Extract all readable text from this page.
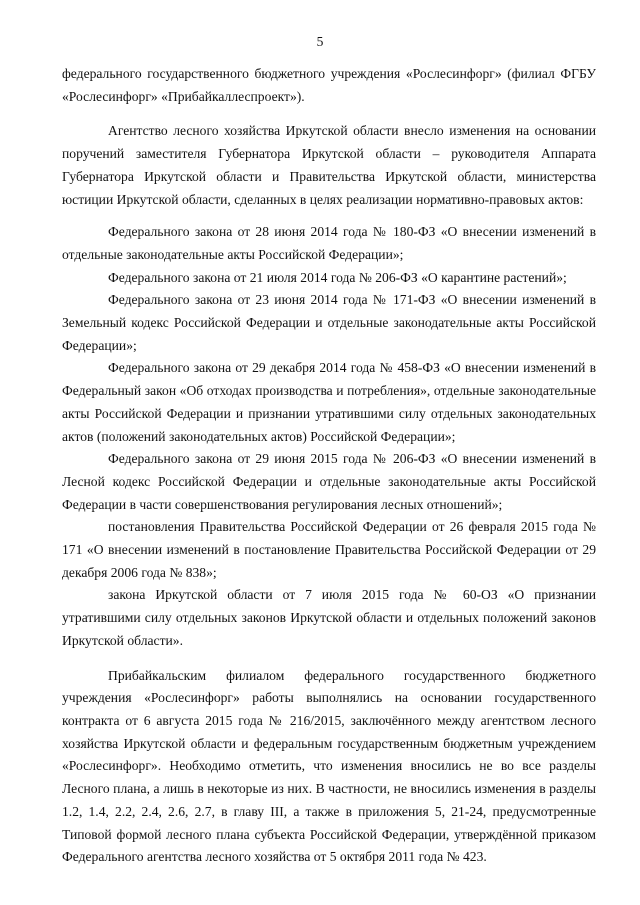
5

федерального государственного бюджетного учреждения «Рослесинфорг» (филиал ФГБУ «Рослесинфорг» «Прибайкаллеспроект»).

Агентство лесного хозяйства Иркутской области внесло изменения на основании поручений заместителя Губернатора Иркутской области – руководителя Аппарата Губернатора Иркутской области и Правительства Иркутской области, министерства юстиции Иркутской области, сделанных в целях реализации нормативно-правовых актов:

Федерального закона от 28 июня 2014 года № 180-ФЗ «О внесении изменений в отдельные законодательные акты Российской Федерации»;

Федерального закона от 21 июля 2014 года № 206-ФЗ «О карантине растений»;

Федерального закона от 23 июня 2014 года № 171-ФЗ «О внесении изменений в Земельный кодекс Российской Федерации и отдельные законодательные акты Российской Федерации»;

Федерального закона от 29 декабря 2014 года № 458-ФЗ «О внесении изменений в Федеральный закон «Об отходах производства и потребления», отдельные законодательные акты Российской Федерации и признании утратившими силу отдельных законодательных актов (положений законодательных актов) Российской Федерации»;

Федерального закона от 29 июня 2015 года № 206-ФЗ «О внесении изменений в Лесной кодекс Российской Федерации и отдельные законодательные акты Российской Федерации в части совершенствования регулирования лесных отношений»;

постановления Правительства Российской Федерации от 26 февраля 2015 года № 171 «О внесении изменений в постановление Правительства Российской Федерации от 29 декабря 2006 года № 838»;

закона Иркутской области от 7 июля 2015 года № 60-ОЗ «О признании утратившими силу отдельных законов Иркутской области и отдельных положений законов Иркутской области».

Прибайкальским филиалом федерального государственного бюджетного учреждения «Рослесинфорг» работы выполнялись на основании государственного контракта от 6 августа 2015 года № 216/2015, заключённого между агентством лесного хозяйства Иркутской области и федеральным государственным бюджетным учреждением «Рослесинфорг». Необходимо отметить, что изменения вносились не во все разделы Лесного плана, а лишь в некоторые из них. В частности, не вносились изменения в разделы 1.2, 1.4, 2.2, 2.4, 2.6, 2.7, в главу III, а также в приложения 5, 21-24, предусмотренные Типовой формой лесного плана субъекта Российской Федерации, утверждённой приказом Федерального агентства лесного хозяйства от 5 октября 2011 года № 423.
